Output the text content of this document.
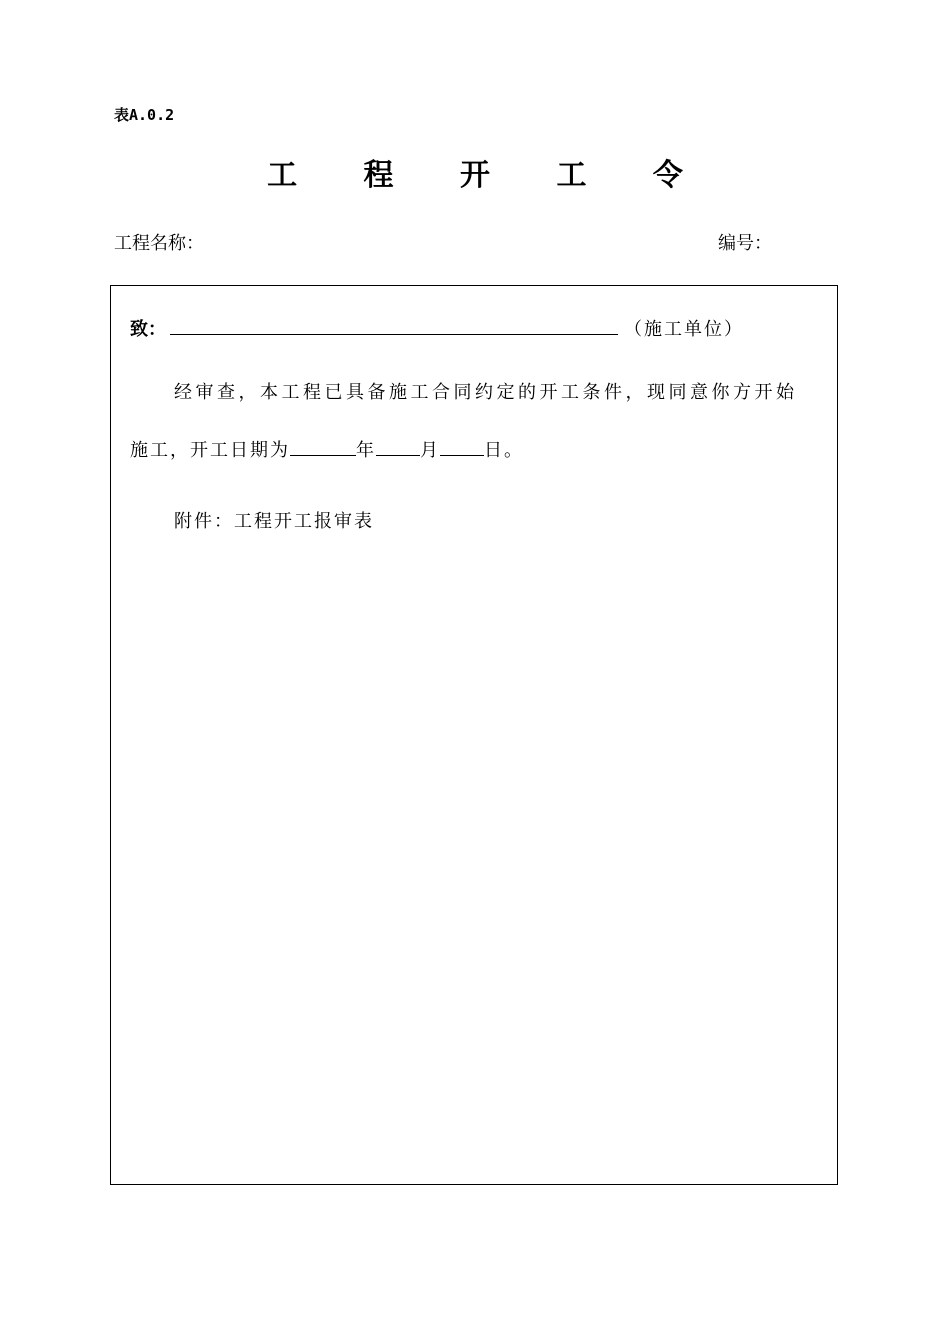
表A.0.2
工 程 开 工 令
工程名称：	编号：
致：	（施工单位）
经审查，本工程已具备施工合同约定的开工条件，现同意你方开始
施工，开工日期为	年 月 日。
附件：工程开工报审表
